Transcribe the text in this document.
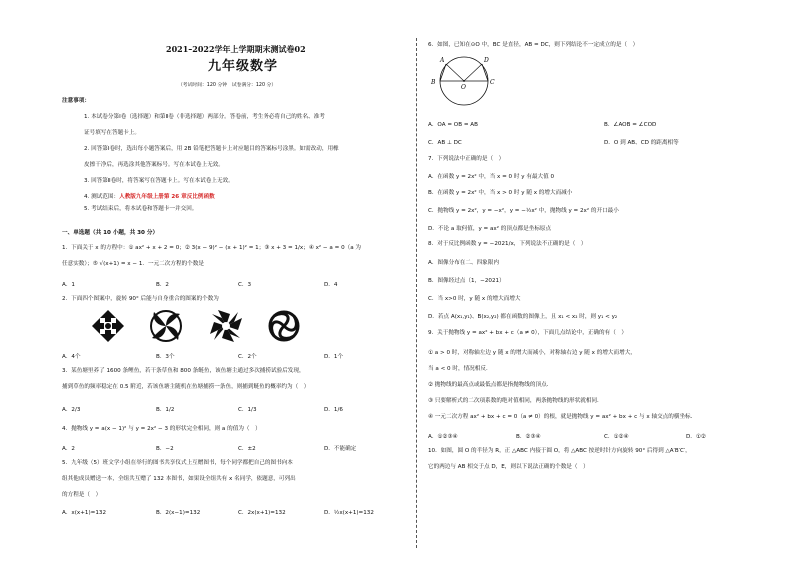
2021–2022学年上学期期末测试卷02
九年级数学
（考试时间：120 分钟　试卷满分：120 分）
注意事项：
1. 本试卷分第Ⅰ卷（选择题）和第Ⅱ卷（非选择题）两部分。答卷前，考生务必将自己的姓名、准考
证号填写在答题卡上。
2. 回答第Ⅰ卷时，选出每小题答案后，用 2B 铅笔把答题卡上对应题目的答案标号涂黑。如需改动，用橡
皮擦干净后，再选涂其他答案标号。写在本试卷上无效。
3. 回答第Ⅱ卷时，将答案写在答题卡上。写在本试卷上无效。
4. 测试范围：人教版九年级上册第 26 章反比例函数
5. 考试结束后，将本试卷和答题卡一并交回。
一、单选题（共 10 小题，共 30 分）
1．下面关于 x 的方程中：① ax² + x + 2 = 0；② 3(x − 9)² − (x + 1)² = 1；③ x + 3 = 1/x；④ x² − a = 0（a 为
任意实数）；⑤ √(x+1) = x − 1．一元二次方程的个数是
A．1	B．2	C．3	D．4
2．下面四个图案中，旋转 90° 后能与自身重合的图案的个数为
A．4个	B．3个	C．2个	D．1个
3．某鱼塘里养了 1600 条鲤鱼，若干条草鱼和 800 条鲢鱼，该鱼塘主通过多次捕捞试验后发现，
捕到草鱼的频率稳定在 0.5 附近，若该鱼塘主随机在鱼塘捕捞一条鱼，则捕到鲢鱼的概率约为（　）
A．2/3	B．1/2	C．1/3	D．1/6
4．抛物线 y = a(x − 1)² 与 y = 2x² − 3 的形状完全相同，则 a 的值为（　）
A．2	B．−2	C．±2	D．不能确定
5．九年级（5）班文学小组在举行的图书共享仪式上互赠图书，每个同学都把自己的图书向本
组其他成员赠送一本，全组共互赠了 132 本图书，如果设全组共有 x 名同学，依题意，可列出
的方程是（　）
A．x(x+1)=132	B．2(x−1)=132	C．2x(x+1)=132	D．½x(x+1)=132
6．如图，已知在⊙O 中，BC 是直径，AB = DC，则下列结论不一定成立的是（　）
A
B
O
C
D
A．OA = OB = AB	B．∠AOB = ∠COD
C．AB ⊥ DC	D．O 到 AB、CD 的距离相等
7．下列说法中正确的是（　）
A．在函数 y = 2x² 中，当 x = 0 时 y 有最大值 0
B．在函数 y = 2x² 中，当 x > 0 时 y 随 x 的增大而减小
C．抛物线 y = 2x²，y = −x²，y = −½x² 中，抛物线 y = 2x² 的开口最小
D．不论 a 取何值，y = ax² 的顶点都是坐标原点
8．对于反比例函数 y = −2021/x，下列说法不正确的是（　）
A．图像分布在二、四象限内
B．图像经过点（1，−2021）
C．当 x>0 时，y 随 x 的增大而增大
D．若点 A(x₁,y₁)、B(x₂,y₂) 都在函数的图像上，且 x₁ < x₂ 时，则 y₁ < y₂
9．关于抛物线 y = ax² + bx + c（a ≠ 0），下面几点结论中，正确的有（　）
① a > 0 时，对称轴左边 y 随 x 的增大而减小，对称轴右边 y 随 x 的增大而增大，
当 a < 0 时，情况相反．
② 抛物线的最高点或最低点都是指抛物线的顶点．
③ 只要解析式的二次项系数的绝对值相同，两条抛物线的形状就相同．
④ 一元二次方程 ax² + bx + c = 0（a ≠ 0）的根，就是抛物线 y = ax² + bx + c 与 x 轴交点的横坐标．
A．①②③④	B．②③④	C．①②④	D．①②
10．如图，圆 O 的半径为 R，正 △ABC 内接于圆 O，将 △ABC 按逆时针方向旋转 90° 后得到 △A′B′C′，
它的两边与 AB 相交于点 D，E，则以下说法正确的个数是（　）
